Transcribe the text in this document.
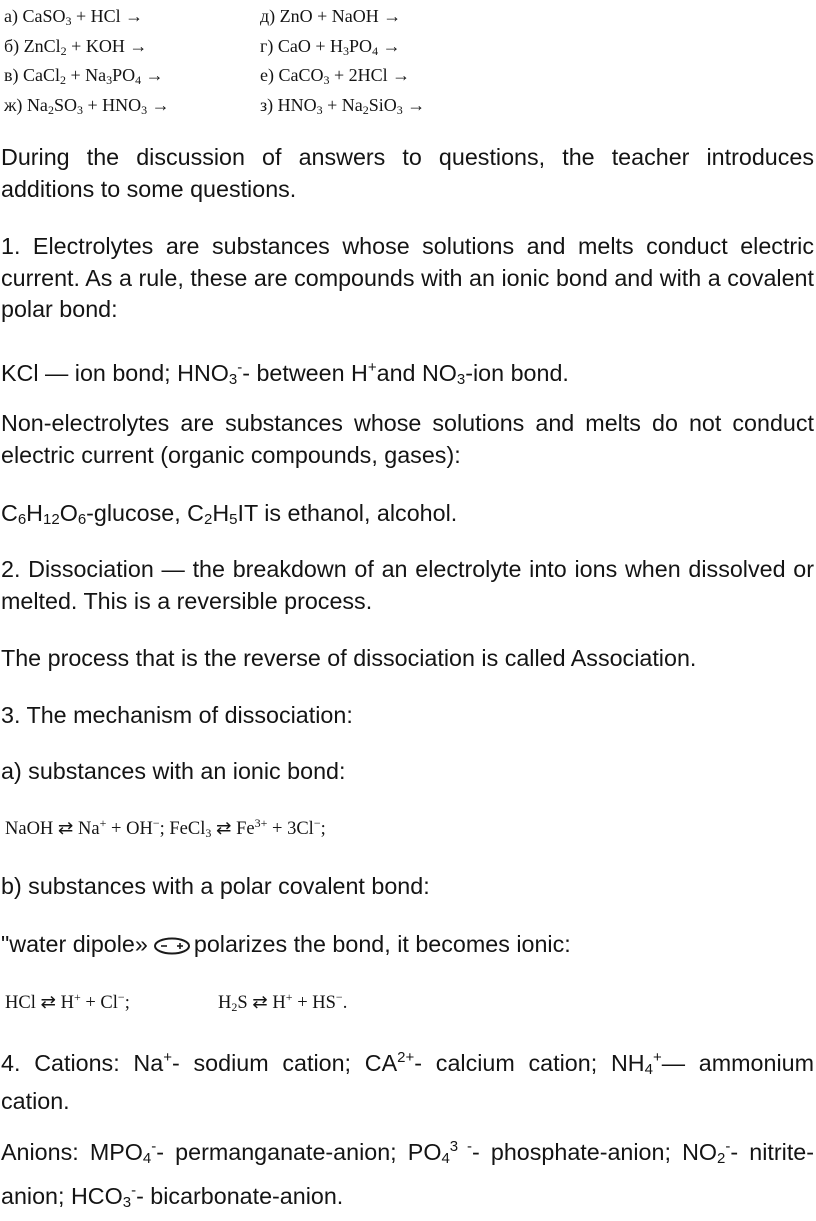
а) CaSO$_3$ + HCl →	д) ZnO + NaOH →
б) ZnCl$_2$ + KOH →	г) CaO + $H_3PO_4$ →
в) CaCl$_2$ + $Na_3PO_4$ →	е) CaCO$_3$ + 2HCl →
ж) $Na_2SO_3 + HNO_3$ →	з) $HNO_3 + Na_2SiO_3$ →

During the discussion of answers to questions, the teacher introduces additions to some questions.

1. Electrolytes are substances whose solutions and melts conduct electric current. As a rule, these are compounds with an ionic bond and with a covalent polar bond:

KCl — ion bond; HNO3-- between H+and NO3-ion bond.

Non-electrolytes are substances whose solutions and melts do not conduct electric current (organic compounds, gases):

C6H12O6-glucose, C2H5IT is ethanol, alcohol.

2. Dissociation — the breakdown of an electrolyte into ions when dissolved or melted. This is a reversible process.

The process that is the reverse of dissociation is called Association.

3. The mechanism of dissociation:

a) substances with an ionic bond:

NaOH ⇄ Na+ + OH−; FeCl$_3$ ⇄ $Fe^{3+} + 3Cl^-$;

b) substances with a polar covalent bond:

"water dipole» polarizes the bond, it becomes ionic:

HCl ⇄ H+ + Cl−;	$H_2S$ ⇄ H+ + HS−.

4. Cations: Na+- sodium cation; $CA^{2+}-$ calcium cation; NH4+— ammonium cation.

Anions: MPO4-- permanganate-anion; $PO4^{3 -}-$ phosphate-anion; NO2-- nitrite-anion; HCO3-- bicarbonate-anion.
